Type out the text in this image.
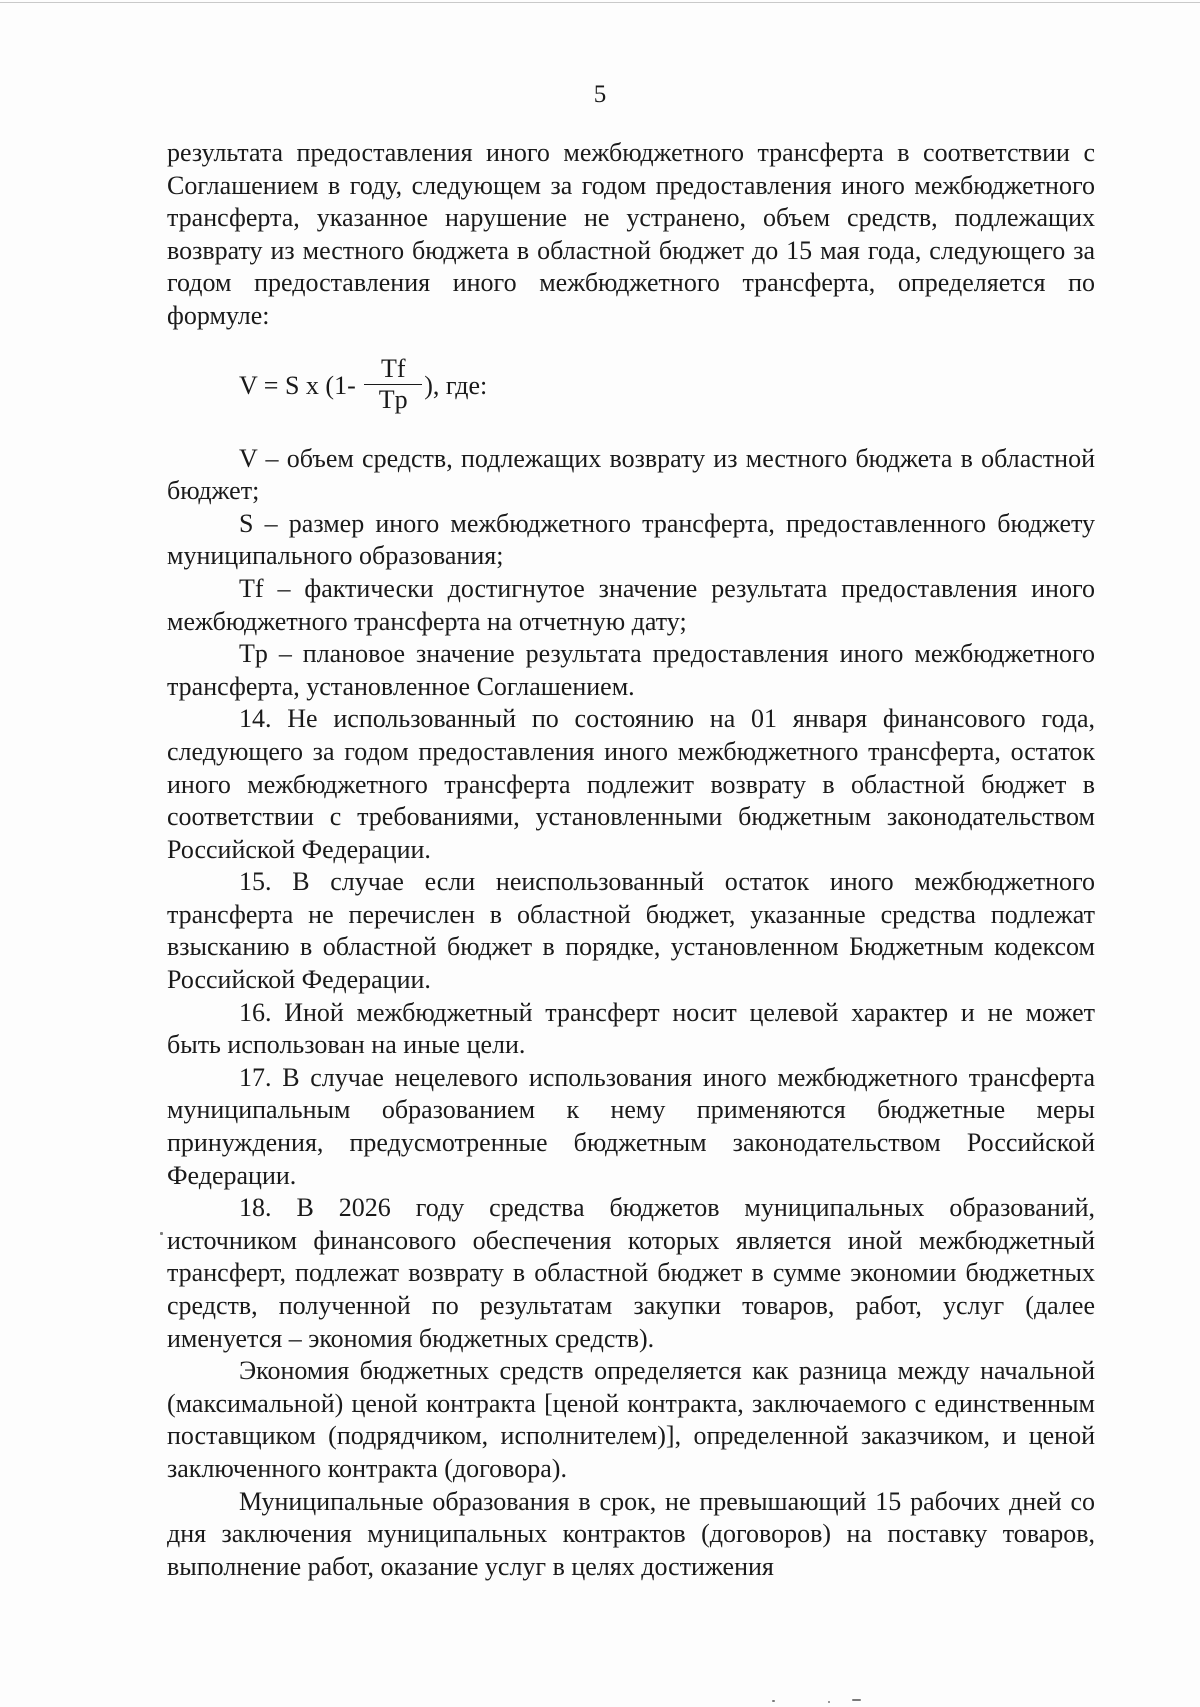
5

результата предоставления иного межбюджетного трансферта в соответствии с Соглашением в году, следующем за годом предоставления иного межбюджетного трансферта, указанное нарушение не устранено, объем средств, подлежащих возврату из местного бюджета в областной бюджет до 15 мая года, следующего за годом предоставления иного межбюджетного трансферта, определяется по формуле:

V = S x ($1- \frac{Tf}{Tp}$ ), где:

V – объем средств, подлежащих возврату из местного бюджета в областной бюджет;

S – размер иного межбюджетного трансферта, предоставленного бюджету муниципального образования;

Tf – фактически достигнутое значение результата предоставления иного межбюджетного трансферта на отчетную дату;

Tp – плановое значение результата предоставления иного межбюджетного трансферта, установленное Соглашением.

14. Не использованный по состоянию на 01 января финансового года, следующего за годом предоставления иного межбюджетного трансферта, остаток иного межбюджетного трансферта подлежит возврату в областной бюджет в соответствии с требованиями, установленными бюджетным законодательством Российской Федерации.

15. В случае если неиспользованный остаток иного межбюджетного трансферта не перечислен в областной бюджет, указанные средства подлежат взысканию в областной бюджет в порядке, установленном Бюджетным кодексом Российской Федерации.

16. Иной межбюджетный трансферт носит целевой характер и не может быть использован на иные цели.

17. В случае нецелевого использования иного межбюджетного трансферта муниципальным образованием к нему применяются бюджетные меры принуждения, предусмотренные бюджетным законодательством Российской Федерации.

18. В 2026 году средства бюджетов муниципальных образований, источником финансового обеспечения которых является иной межбюджетный трансферт, подлежат возврату в областной бюджет в сумме экономии бюджетных средств, полученной по результатам закупки товаров, работ, услуг (далее именуется – экономия бюджетных средств).

Экономия бюджетных средств определяется как разница между начальной (максимальной) ценой контракта [ценой контракта, заключаемого с единственным поставщиком (подрядчиком, исполнителем)], определенной заказчиком, и ценой заключенного контракта (договора).

Муниципальные образования в срок, не превышающий 15 рабочих дней со дня заключения муниципальных контрактов (договоров) на поставку товаров, выполнение работ, оказание услуг в целях достижения
